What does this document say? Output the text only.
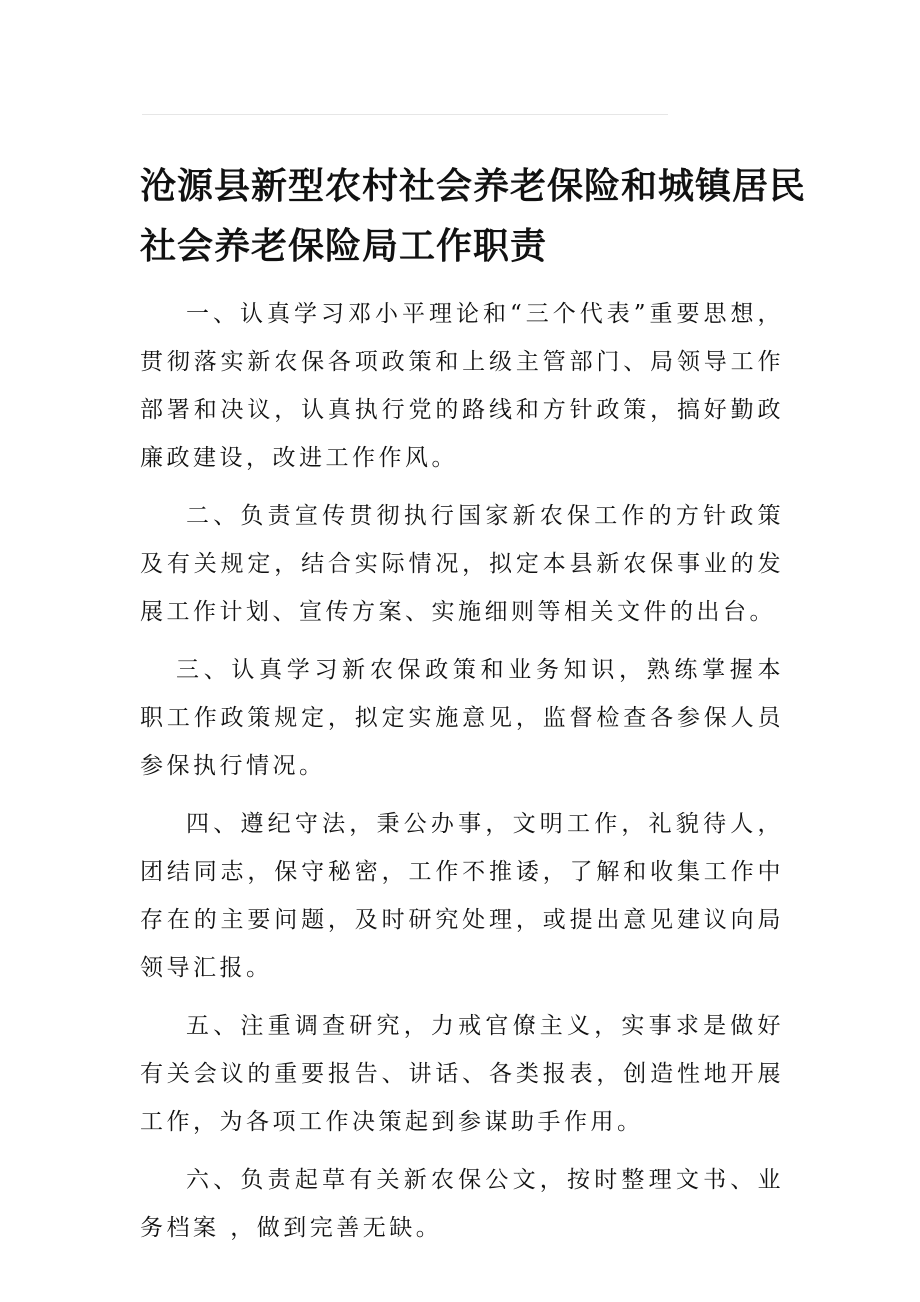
沧源县新型农村社会养老保险和城镇居民
社会养老保险局工作职责

一、认真学习邓小平理论和“三个代表”重要思想，贯彻落实新农保各项政策和上级主管部门、局领导工作部署和决议，认真执行党的路线和方针政策，搞好勤政廉政建设，改进工作作风。

二、负责宣传贯彻执行国家新农保工作的方针政策及有关规定，结合实际情况，拟定本县新农保事业的发展工作计划、宣传方案、实施细则等相关文件的出台。

三、认真学习新农保政策和业务知识，熟练掌握本职工作政策规定，拟定实施意见，监督检查各参保人员参保执行情况。

四、遵纪守法，秉公办事，文明工作，礼貌待人，团结同志，保守秘密，工作不推诿，了解和收集工作中存在的主要问题，及时研究处理，或提出意见建议向局领导汇报。

五、注重调查研究，力戒官僚主义，实事求是做好有关会议的重要报告、讲话、各类报表，创造性地开展工作，为各项工作决策起到参谋助手作用。

六、负责起草有关新农保公文，按时整理文书、业务档案 ，做到完善无缺。
